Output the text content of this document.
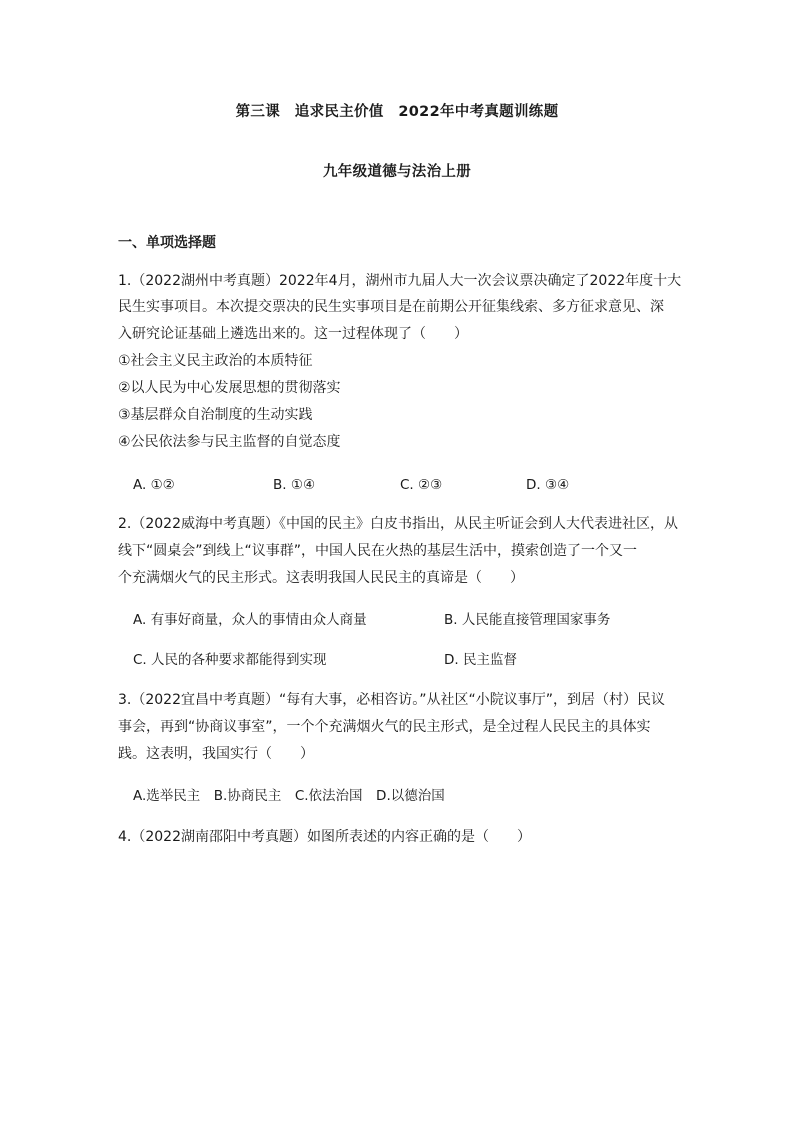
第三课　追求民主价值　2022年中考真题训练题
九年级道德与法治上册
一、单项选择题
1.（2022湖州中考真题）2022年4月，湖州市九届人大一次会议票决确定了2022年度十大
民生实事项目。本次提交票决的民生实事项目是在前期公开征集线索、多方征求意见、深
入研究论证基础上遴选出来的。这一过程体现了（　　）
①社会主义民主政治的本质特征
②以人民为中心发展思想的贯彻落实
③基层群众自治制度的生动实践
④公民依法参与民主监督的自觉态度
A. ①②	B. ①④	C. ②③	D. ③④
2.（2022威海中考真题）《中国的民主》白皮书指出，从民主听证会到人大代表进社区，从
线下“圆桌会”到线上“议事群”，中国人民在火热的基层生活中，摸索创造了一个又一
个充满烟火气的民主形式。这表明我国人民民主的真谛是（　　）
A. 有事好商量，众人的事情由众人商量	B. 人民能直接管理国家事务
C. 人民的各种要求都能得到实现	D. 民主监督
3.（2022宜昌中考真题）“每有大事，必相咨访。”从社区“小院议事厅”，到居（村）民议
事会，再到“协商议事室”，一个个充满烟火气的民主形式，是全过程人民民主的具体实
践。这表明，我国实行（　　）
A.选举民主　B.协商民主　C.依法治国　D.以德治国
4.（2022湖南邵阳中考真题）如图所表述的内容正确的是（　　）
